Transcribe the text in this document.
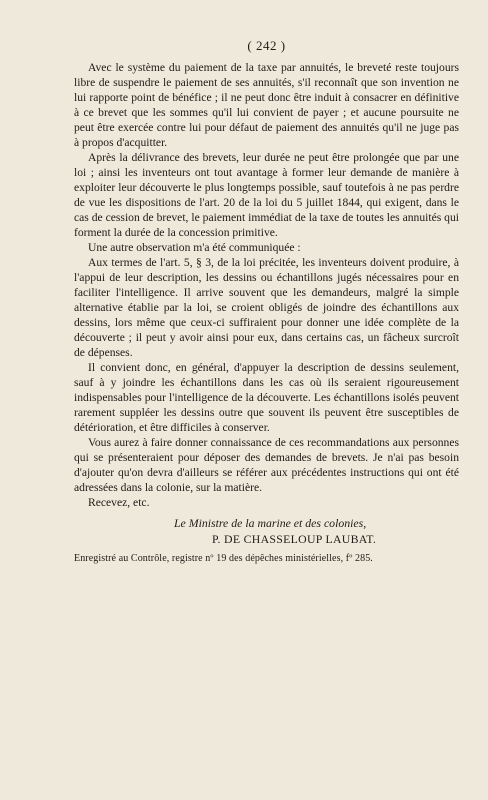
( 242 )

Avec le système du paiement de la taxe par annuités, le breveté reste toujours libre de suspendre le paiement de ses annuités, s'il reconnaît que son invention ne lui rapporte point de bénéfice ; il ne peut donc être induit à consacrer en définitive à ce brevet que les sommes qu'il lui convient de payer ; et aucune poursuite ne peut être exercée contre lui pour défaut de paiement des annuités qu'il ne juge pas à propos d'acquitter.

Après la délivrance des brevets, leur durée ne peut être prolongée que par une loi ; ainsi les inventeurs ont tout avantage à former leur demande de manière à exploiter leur découverte le plus longtemps possible, sauf toutefois à ne pas perdre de vue les dispositions de l'art. 20 de la loi du 5 juillet 1844, qui exigent, dans le cas de cession de brevet, le paiement immédiat de la taxe de toutes les annuités qui forment la durée de la concession primitive.

Une autre observation m'a été communiquée :

Aux termes de l'art. 5, § 3, de la loi précitée, les inventeurs doivent produire, à l'appui de leur description, les dessins ou échantillons jugés nécessaires pour en faciliter l'intelligence. Il arrive souvent que les demandeurs, malgré la simple alternative établie par la loi, se croient obligés de joindre des échantillons aux dessins, lors même que ceux-ci suffiraient pour donner une idée complète de la découverte ; il peut y avoir ainsi pour eux, dans certains cas, un fâcheux surcroît de dépenses.

Il convient donc, en général, d'appuyer la description de dessins seulement, sauf à y joindre les échantillons dans les cas où ils seraient rigoureusement indispensables pour l'intelligence de la découverte. Les échantillons isolés peuvent rarement suppléer les dessins outre que souvent ils peuvent être susceptibles de détérioration, et être difficiles à conserver.

Vous aurez à faire donner connaissance de ces recommandations aux personnes qui se présenteraient pour déposer des demandes de brevets. Je n'ai pas besoin d'ajouter qu'on devra d'ailleurs se référer aux précédentes instructions qui ont été adressées dans la colonie, sur la matière.

Recevez, etc.

Le Ministre de la marine et des colonies,

P. DE CHASSELOUP LAUBAT.

Enregistré au Contrôle, registre nº 19 des dépêches ministérielles, fº 285.
